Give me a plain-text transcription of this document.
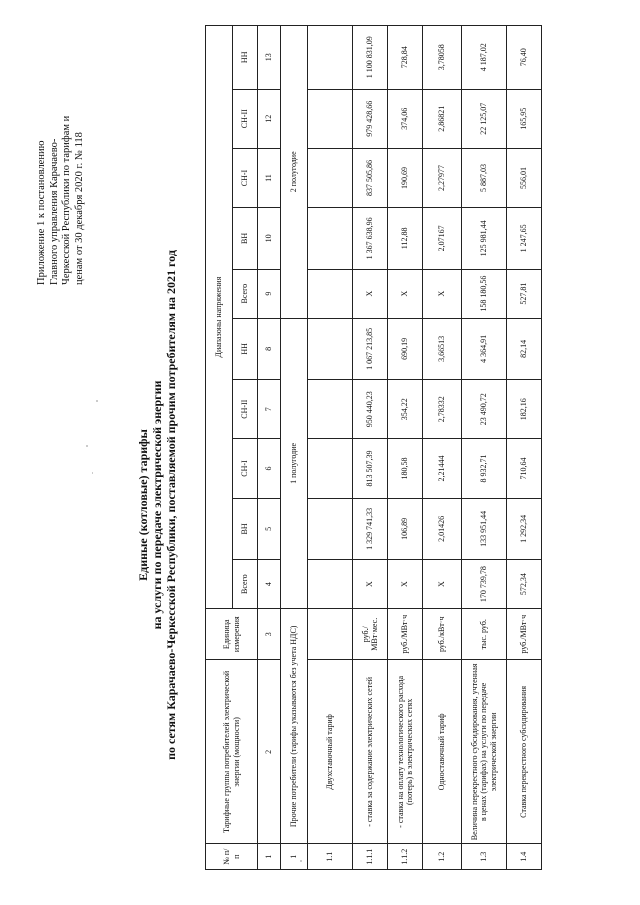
Приложение 1 к постановлению Главного управления Карачаево- Черкесской Республики по тарифам и ценам от 30 декабря 2020 г. № 118
Единые (котловые) тарифы на услуги по передаче электрической энергии по сетям Карачаево-Черкесской Республики, поставляемой прочим потребителям на 2021 год
№ п/п	Тарифные группы потребителей электрической энергии (мощности)	Единица измерения	Диапазоны напряжения									
			Всего	ВН	СН-I	СН-II	НН	Всего	ВН	СН-I	СН-II	НН
1	2	3	4	5	6	7	8	9	10	11	12	13
1	Прочие потребители (тарифы указываются без учета НДС)		1 полугодие					2 полугодие				
1.1	Двухставочный тариф											
1.1.1	- ставка за содержание электрических сетей	руб./МВт·мес.	X	1 329 741,33	813 507,39	950 440,23	1 067 213,85	X	1 367 638,96	837 505,86	979 428,66	1 100 831,09
1.1.2	- ставка на оплату технологического расхода (потерь) в электрических сетях	руб./МВт·ч	X	106,89	180,58	354,22	690,19	X	112,88	190,69	374,06	728,84
1.2	Одноставочный тариф	руб./кВт·ч	X	2,01426	2,21444	2,78332	3,66513	X	2,07167	2,27977	2,86821	3,78058
1.3	Величина перекрестного субсидирования, учтенная в ценах (тарифах) на услуги по передаче электрической энергии	тыс. руб.	170 739,78	133 951,44	8 932,71	23 490,72	4 364,91	158 180,56	125 981,44	5 887,03	22 125,07	4 187,02
1.4	Ставка перекрестного субсидирования	руб./МВт·ч	572,34	1 292,34	710,64	182,16	82,14	527,81	1 247,65	556,01	165,95	76,40
